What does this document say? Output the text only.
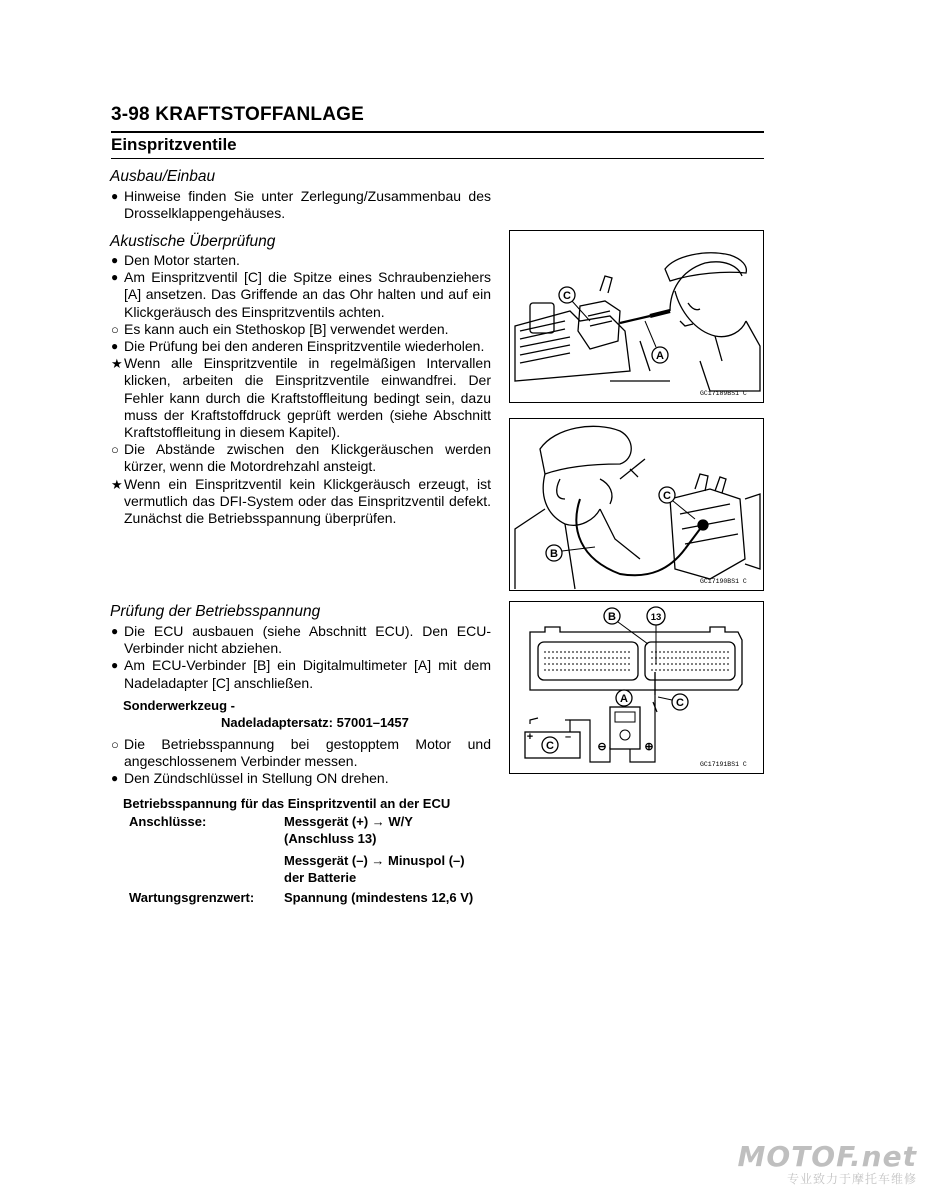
3-98 KRAFTSTOFFANLAGE
Einspritzventile
Ausbau/Einbau

● Hinweise finden Sie unter Zerlegung/Zusammenbau des Drosselklappengehäuses.

Akustische Überprüfung

● Den Motor starten.

● Am Einspritzventil [C] die Spitze eines Schraubenziehers [A] ansetzen. Das Griffende an das Ohr halten und auf ein Klickgeräusch des Einspritzventils achten.

○ Es kann auch ein Stethoskop [B] verwendet werden.

● Die Prüfung bei den anderen Einspritzventile wiederholen.

★ Wenn alle Einspritzventile in regelmäßigen Intervallen klicken, arbeiten die Einspritzventile einwandfrei. Der Fehler kann durch die Kraftstoffleitung bedingt sein, dazu muss der Kraftstoffdruck geprüft werden (siehe Abschnitt Kraftstoffleitung in diesem Kapitel).

○ Die Abstände zwischen den Klickgeräuschen werden kürzer, wenn die Motordrehzahl ansteigt.

★ Wenn ein Einspritzventil kein Klickgeräusch erzeugt, ist vermutlich das DFI-System oder das Einspritzventil defekt. Zunächst die Betriebsspannung überprüfen.

Prüfung der Betriebsspannung

● Die ECU ausbauen (siehe Abschnitt ECU). Den ECU-Verbinder nicht abziehen.

● Am ECU-Verbinder [B] ein Digitalmultimeter [A] mit dem Nadeladapter [C] anschließen.

Sonderwerkzeug -
Nadeladaptersatz: 57001–1457

○ Die Betriebsspannung bei gestopptem Motor und angeschlossenem Verbinder messen.

● Den Zündschlüssel in Stellung ON drehen.

Betriebsspannung für das Einspritzventil an der ECU
Anschlüsse:	Messgerät (+) → W/Y
(Anschluss 13)
Messgerät (–) → Minuspol (–)
der Batterie
Wartungsgrenzwert: Spannung (mindestens 12,6 V)
C
A
GC17189BS1 C
C
B
GC17190BS1 C
+	–
C	⊖	⊕
A
B	13
C
GC17191BS1 C
MOTOF.net
专业致力于摩托车维修
